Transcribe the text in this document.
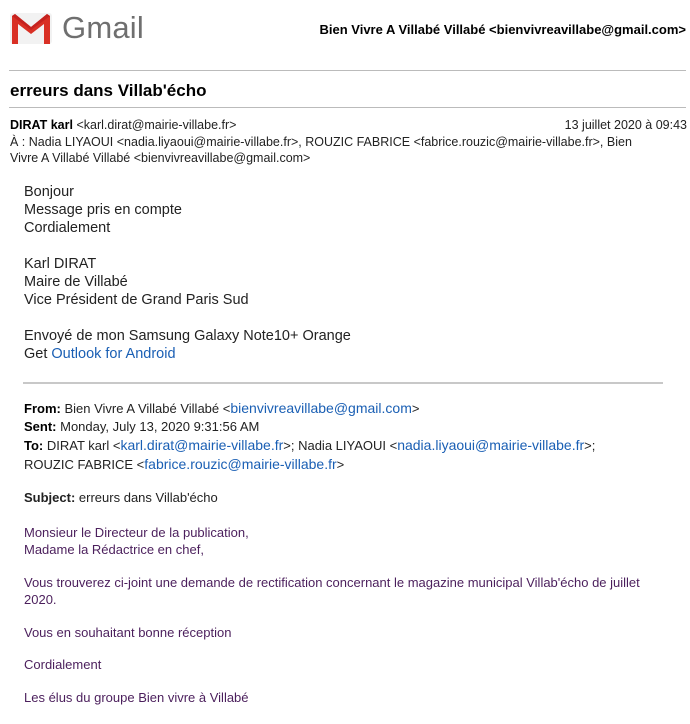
Gmail	Bien Vivre A Villabé Villabé <bienvivreavillabe@gmail.com>
erreurs dans Villab'écho
DIRAT karl <karl.dirat@mairie-villabe.fr>	13 juillet 2020 à 09:43
À : Nadia LIYAOUI <nadia.liyaoui@mairie-villabe.fr>, ROUZIC FABRICE <fabrice.rouzic@mairie-villabe.fr>, Bien Vivre A Villabé Villabé <bienvivreavillabe@gmail.com>
Bonjour
Message pris en compte
Cordialement
Karl DIRAT
Maire de Villabé
Vice Président de Grand Paris Sud
Envoyé de mon Samsung Galaxy Note10+ Orange
Get Outlook for Android
From: Bien Vivre A Villabé Villabé <bienvivreavillabe@gmail.com>
Sent: Monday, July 13, 2020 9:31:56 AM
To: DIRAT karl <karl.dirat@mairie-villabe.fr>; Nadia LIYAOUI <nadia.liyaoui@mairie-villabe.fr>;
ROUZIC FABRICE <fabrice.rouzic@mairie-villabe.fr>
Subject: erreurs dans Villab'écho
Monsieur le Directeur de la publication,
Madame la Rédactrice en chef,
Vous trouverez ci-joint une demande de rectification concernant le magazine municipal Villab'écho de juillet 2020.
Vous en souhaitant bonne réception
Cordialement
Les élus du groupe Bien vivre à Villabé
